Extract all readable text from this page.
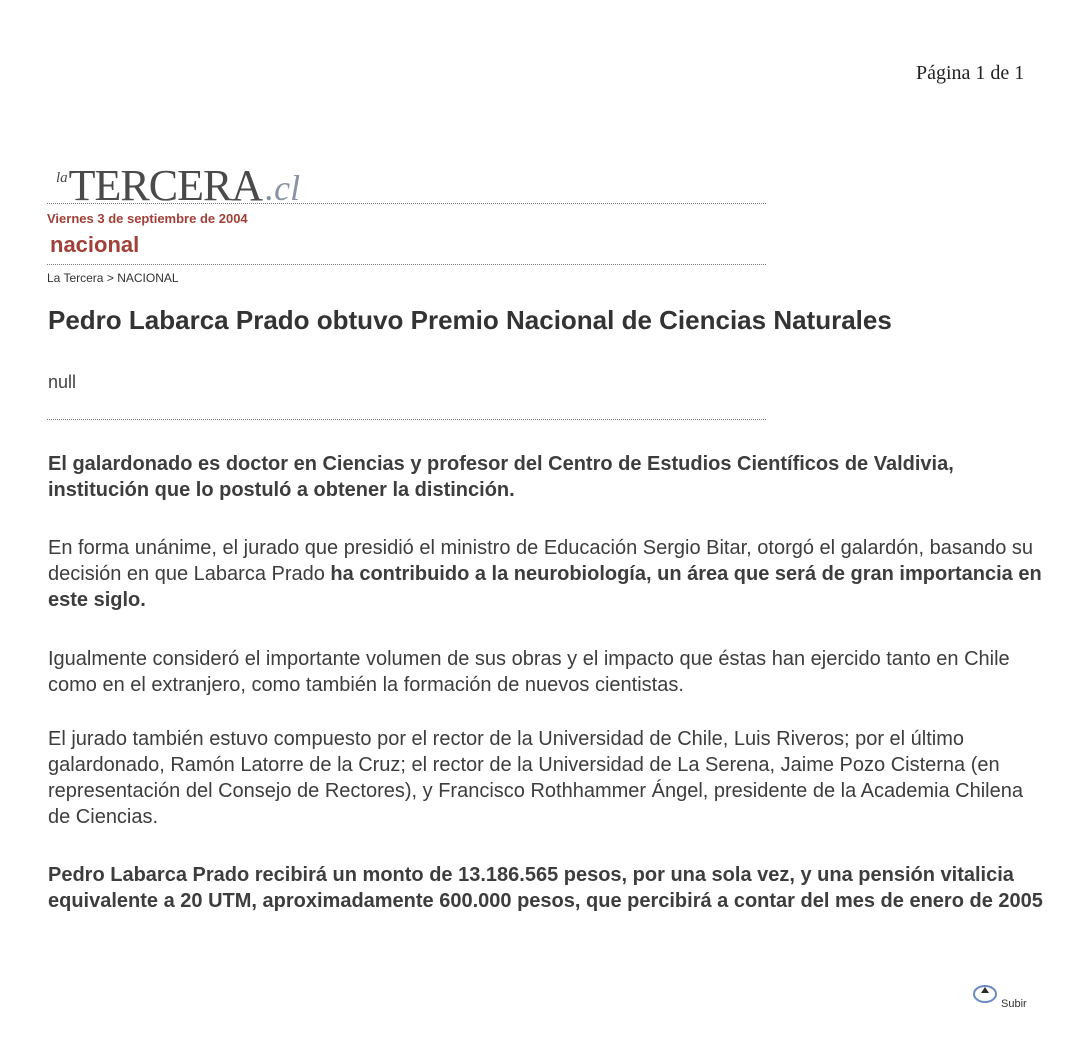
Página 1 de 1
laTERCERA.cl
Viernes 3 de septiembre de 2004
nacional
La Tercera > NACIONAL
Pedro Labarca Prado obtuvo Premio Nacional de Ciencias Naturales
null

El galardonado es doctor en Ciencias y profesor del Centro de Estudios Científicos de Valdivia, institución que lo postuló a obtener la distinción.

En forma unánime, el jurado que presidió el ministro de Educación Sergio Bitar, otorgó el galardón, basando su decisión en que Labarca Prado ha contribuido a la neurobiología, un área que será de gran importancia en este siglo.

Igualmente consideró el importante volumen de sus obras y el impacto que éstas han ejercido tanto en Chile como en el extranjero, como también la formación de nuevos cientistas.

El jurado también estuvo compuesto por el rector de la Universidad de Chile, Luis Riveros; por el último galardonado, Ramón Latorre de la Cruz; el rector de la Universidad de La Serena, Jaime Pozo Cisterna (en representación del Consejo de Rectores), y Francisco Rothhammer Ángel, presidente de la Academia Chilena de Ciencias.

Pedro Labarca Prado recibirá un monto de 13.186.565 pesos, por una sola vez, y una pensión vitalicia equivalente a 20 UTM, aproximadamente 600.000 pesos, que percibirá a contar del mes de enero de 2005

Subir
